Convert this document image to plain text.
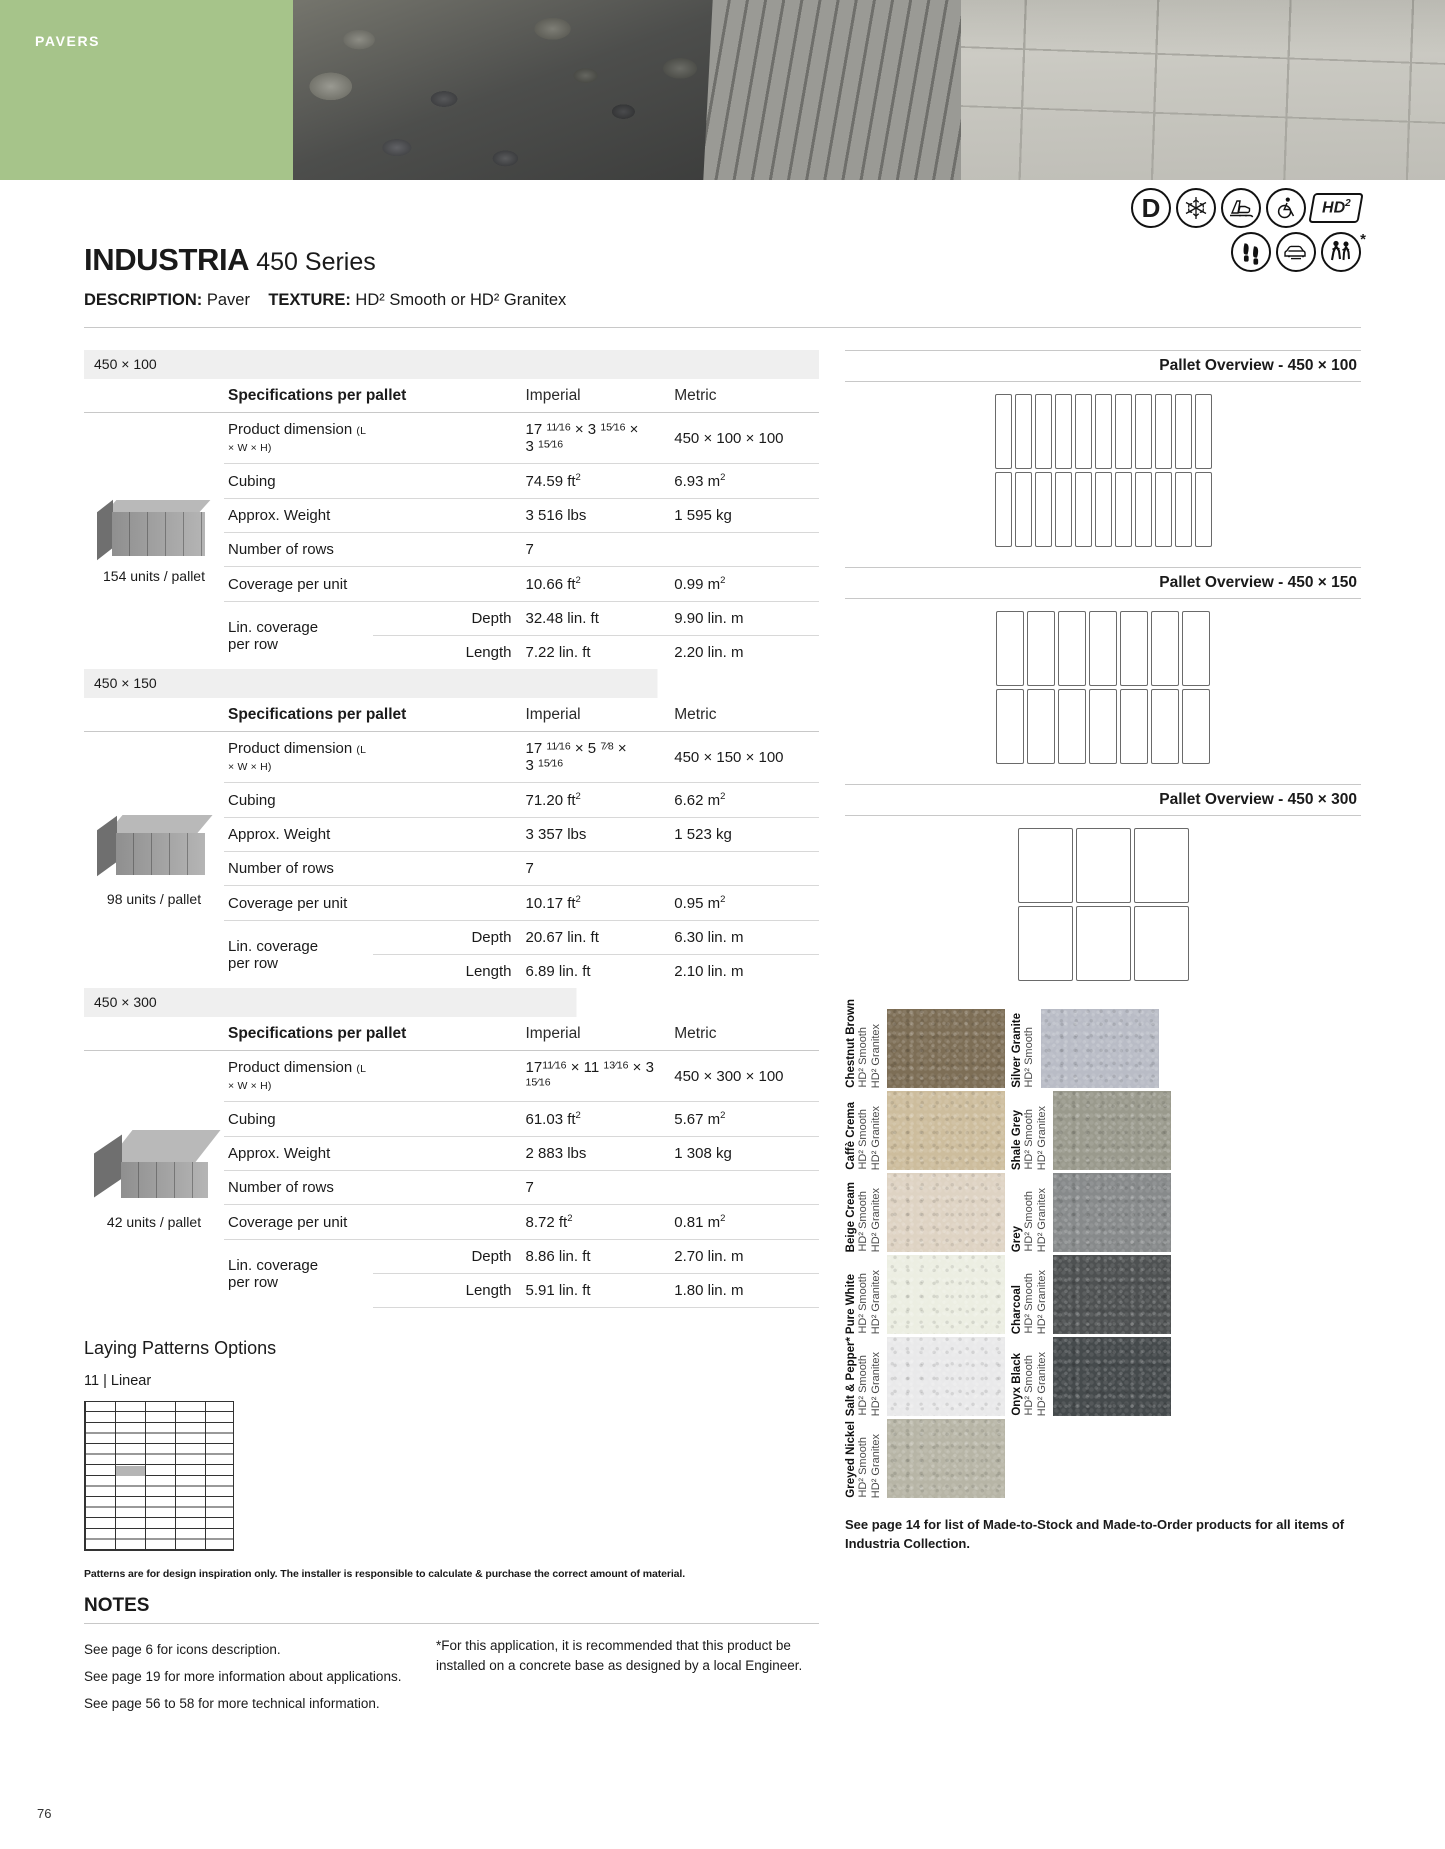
PAVERS
D	$HD^2$
*
INDUSTRIA 450 Series
DESCRIPTION: Paver TEXTURE: HD² Smooth or HD² Granitex
450 × 100
	Specifications per pallet		Imperial	Metric

154 units / pallet	Product dimension (L × W × H)		17 $^{11⁄16}$ × 3 $^{15⁄16}$ × 3 $^{15⁄16}$	450 × 100 × 100
	Cubing		74.59 $ft^2$	6.93 $m^2$
	Approx. Weight		3 516 lbs	1 595 kg
	Number of rows		7	
	Coverage per unit		10.66 $ft^2$	0.99 $m^2$
	Lin. coverage
per row	Depth	32.48 lin. ft	9.90 lin. m
		Length	7.22 lin. ft	2.20 lin. m
450 × 150
	Specifications per pallet		Imperial	Metric

98 units / pallet	Product dimension (L × W × H)		17 $^{11⁄16}$ × 5 $^{7⁄8}$ × 3 $^{15⁄16}$	450 × 150 × 100
	Cubing		71.20 $ft^2$	6.62 $m^2$
	Approx. Weight		3 357 lbs	1 523 kg
	Number of rows		7	
	Coverage per unit		10.17 $ft^2$	0.95 $m^2$
	Lin. coverage
per row	Depth	20.67 lin. ft	6.30 lin. m
		Length	6.89 lin. ft	2.10 lin. m
450 × 300
	Specifications per pallet		Imperial	Metric

42 units / pallet	Product dimension (L × W × H)		$17^{11⁄16} \times 11$ $^{13⁄16}$ × 3 $^{15⁄16}$	450 × 300 × 100
	Cubing		61.03 $ft^2$	5.67 $m^2$
	Approx. Weight		2 883 lbs	1 308 kg
	Number of rows		7	
	Coverage per unit		8.72 $ft^2$	0.81 $m^2$
	Lin. coverage
per row	Depth	8.86 lin. ft	2.70 lin. m
		Length	5.91 lin. ft	1.80 lin. m
Laying Patterns Options
11 | Linear
Patterns are for design inspiration only. The installer is responsible to calculate & purchase the correct amount of material.
NOTES
See page 6 for icons description.
See page 19 for more information about applications.
See page 56 to 58 for more technical information.
*For this application, it is recommended that this product be installed on a concrete base as designed by a local Engineer.
Pallet Overview - 450 × 100
Pallet Overview - 450 × 150
Pallet Overview - 450 × 300
HD² Granitex
HD² Smooth
Chestnut Brown
HD² Granitex
HD² Smooth
Caffè Crema
HD² Granitex
HD² Smooth
Beige Cream
HD² Granitex
HD² Smooth
Pure White
HD² Granitex
HD² Smooth
Salt & Pepper*
HD² Granitex
HD² Smooth
Greyed Nickel
HD² Smooth
Silver Granite
HD² Granitex
HD² Smooth
Shale Grey
HD² Granitex
HD² Smooth
Grey
HD² Granitex
HD² Smooth
Charcoal
HD² Granitex
HD² Smooth
Onyx Black
See page 14 for list of Made-to-Stock and Made-to-Order products for all items of Industria Collection.
76
